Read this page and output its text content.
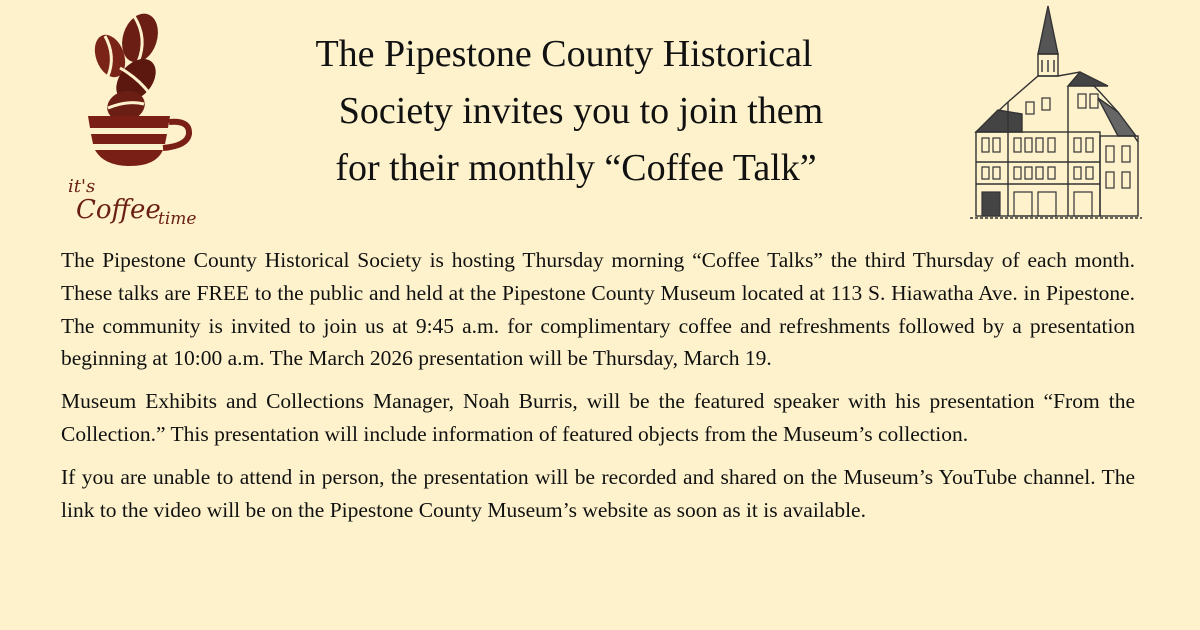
it's
Coffee
time
The Pipestone County Historical
Society invites you to join them
for their monthly “Coffee Talk”

The Pipestone County Historical Society is hosting Thursday morning “Coffee Talks” the third Thursday of each month. These talks are FREE to the public and held at the Pipestone County Museum located at 113 S. Hiawatha Ave. in Pipestone. The community is invited to join us at 9:45 a.m. for complimentary coffee and refreshments followed by a presentation beginning at 10:00 a.m. The March 2026 presentation will be Thursday, March 19.

Museum Exhibits and Collections Manager, Noah Burris, will be the featured speaker with his presentation “From the Collection.” This presentation will include information of featured objects from the Museum’s collection.

If you are unable to attend in person, the presentation will be recorded and shared on the Museum’s YouTube channel. The link to the video will be on the Pipestone County Museum’s website as soon as it is available.
